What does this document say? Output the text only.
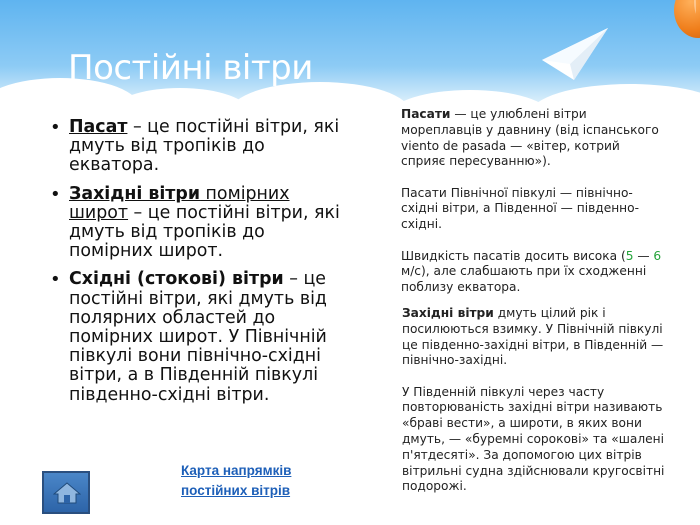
Постійні вітри
• Пасат – це постійні вітри, які дмуть від тропіків до екватора.
• Західні вітри помірних широт – це постійні вітри, які дмуть від тропіків до помірних широт.
• Східні (стокові) вітри – це постійні вітри, які дмуть від полярних областей до помірних широт. У Північній півкулі вони північно-східні вітри, а в Південній півкулі південно-східні вітри.

Пасати — це улюблені вітри мореплавців у давнину (від іспанського viento de pasada — «вітер, котрий сприяє пересуванню»).

Пасати Північної півкулі — північно-східні вітри, а Південної — південно-східні.

Швидкість пасатів досить висока (5 — 6 м/с), але слабшають при їх сходженні поблизу екватора.

Західні вітри дмуть цілий рік і посилюються взимку. У Північній півкулі це південно-західні вітри, в Південній — північно-західні.

У Південній півкулі через часту повторюваність західні вітри називають «браві вести», а широти, в яких вони дмуть, — «буремні сорокові» та «шалені п'ятдесяті». За допомогою цих вітрів вітрильні судна здійснювали кругосвітні подорожі.

Карта напрямків постійних вітрів
